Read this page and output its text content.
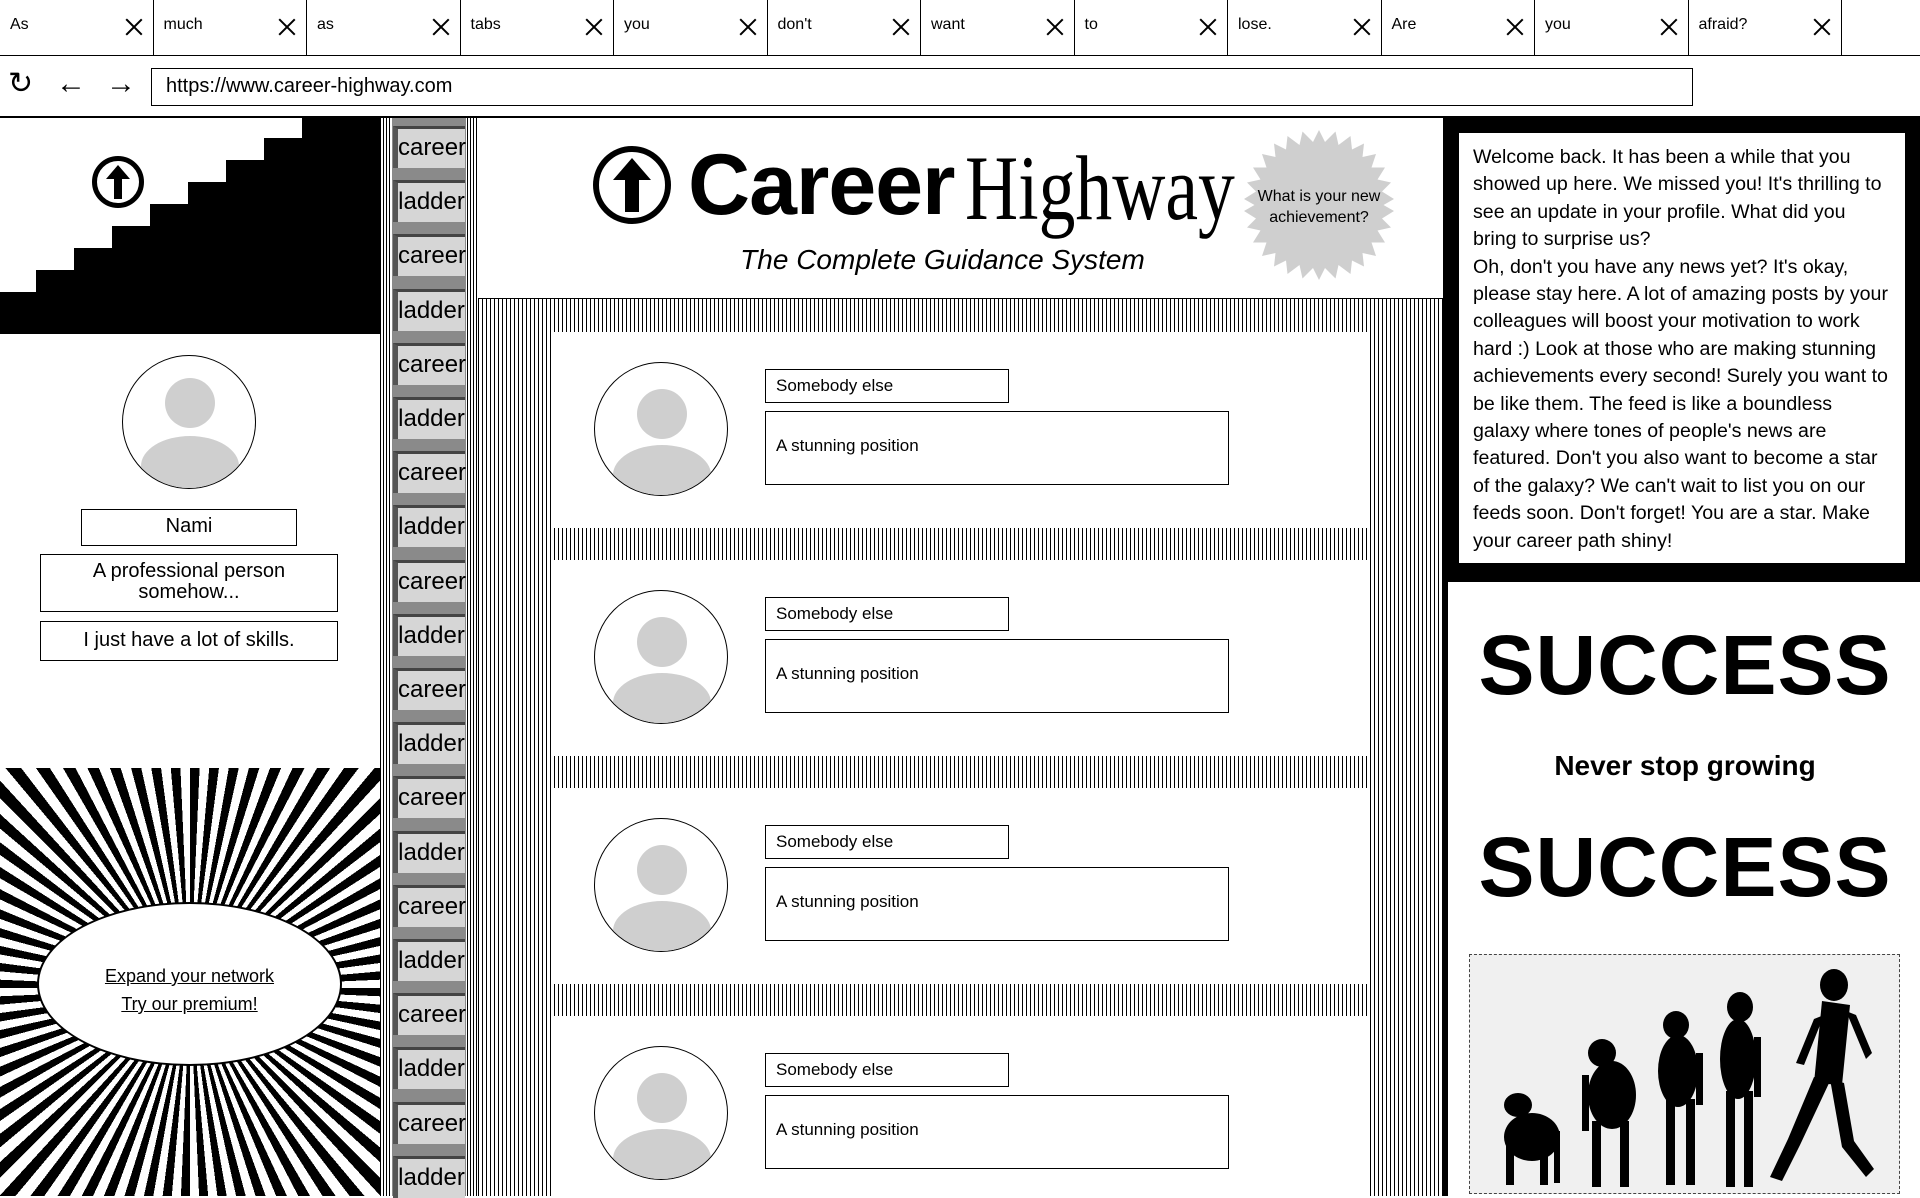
As	much	as	tabs	you	don't	want	to	lose.	Are	you	afraid?
↻ ← →	https://www.career-highway.com
Nami
A professional person somehow...
I just have a lot of skills.
Expand your network
Try our premium!
career
ladder
career
ladder
career
ladder
career
ladder
career
ladder
career
ladder
career
ladder
career
ladder
career
ladder
career
ladder
Career Highway
The Complete Guidance System
What is your new achievement?
Somebody else
A stunning position
Somebody else
A stunning position
Somebody else
A stunning position
Somebody else
A stunning position
Welcome back. It has been a while that you showed up here. We missed you! It's thrilling to see an update in your profile. What did you bring to surprise us?
Oh, don't you have any news yet? It's okay, please stay here. A lot of amazing posts by your colleagues will boost your motivation to work hard :) Look at those who are making stunning achievements every second! Surely you want to be like them. The feed is like a boundless galaxy where tones of people's news are featured. Don't you also want to become a star of the galaxy? We can't wait to list you on our feeds soon. Don't forget! You are a star. Make your career path shiny!
SUCCESS
Never stop growing
SUCCESS
